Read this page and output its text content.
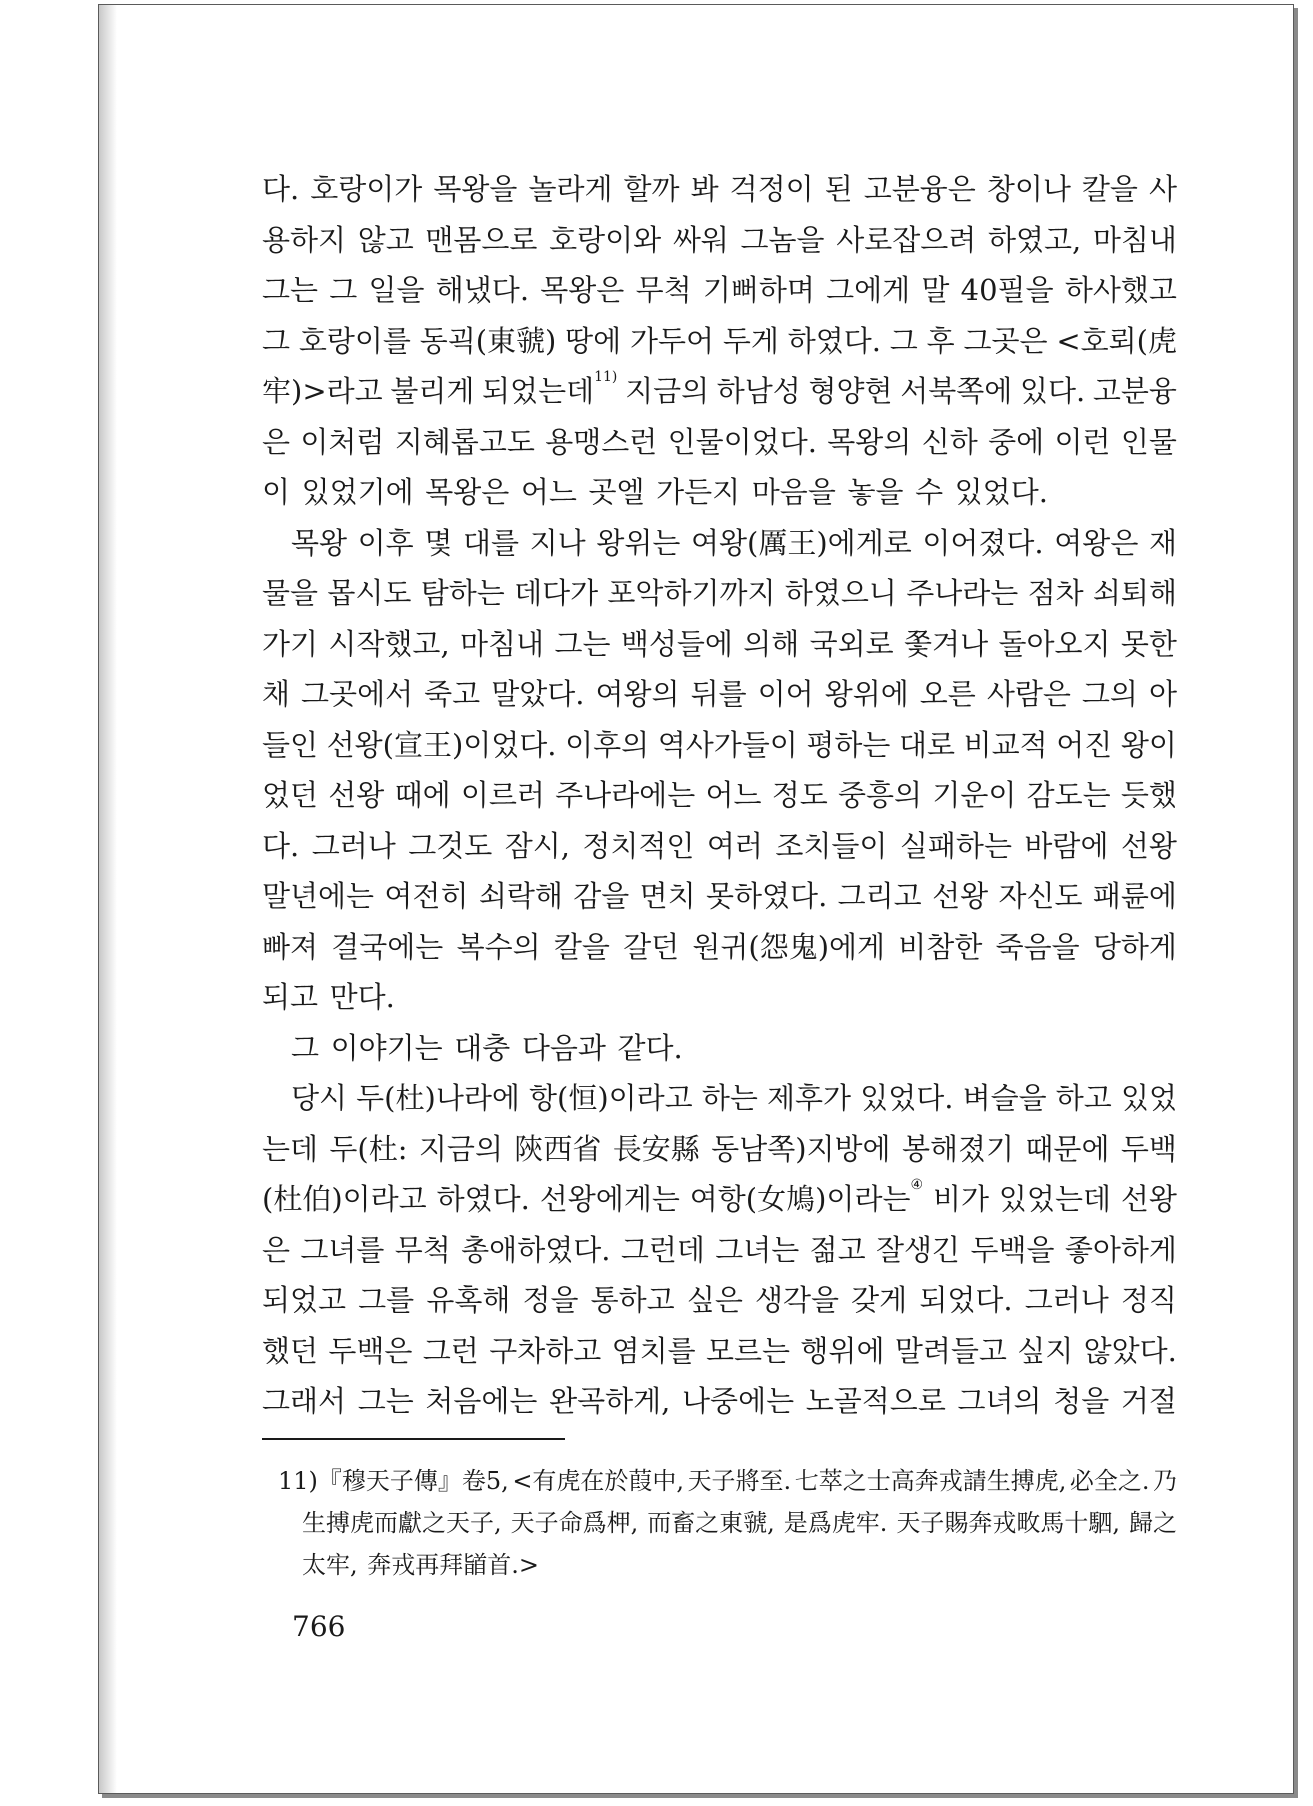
다. 호랑이가 목왕을 놀라게 할까 봐 걱정이 된 고분융은 창이나 칼을 사
용하지 않고 맨몸으로 호랑이와 싸워 그놈을 사로잡으려 하였고, 마침내
그는 그 일을 해냈다. 목왕은 무척 기뻐하며 그에게 말 40필을 하사했고
그 호랑이를 동괵(東虢) 땅에 가두어 두게 하였다. 그 후 그곳은 <호뢰(虎
牢)>라고 불리게 되었는데$^{11)}$ 지금의 하남성 형양현 서북쪽에 있다. 고분융
은 이처럼 지혜롭고도 용맹스런 인물이었다. 목왕의 신하 중에 이런 인물
이 있었기에 목왕은 어느 곳엘 가든지 마음을 놓을 수 있었다.
목왕 이후 몇 대를 지나 왕위는 여왕(厲王)에게로 이어졌다. 여왕은 재
물을 몹시도 탐하는 데다가 포악하기까지 하였으니 주나라는 점차 쇠퇴해
가기 시작했고, 마침내 그는 백성들에 의해 국외로 쫓겨나 돌아오지 못한
채 그곳에서 죽고 말았다. 여왕의 뒤를 이어 왕위에 오른 사람은 그의 아
들인 선왕(宣王)이었다. 이후의 역사가들이 평하는 대로 비교적 어진 왕이
었던 선왕 때에 이르러 주나라에는 어느 정도 중흥의 기운이 감도는 듯했
다. 그러나 그것도 잠시, 정치적인 여러 조치들이 실패하는 바람에 선왕
말년에는 여전히 쇠락해 감을 면치 못하였다. 그리고 선왕 자신도 패륜에
빠져 결국에는 복수의 칼을 갈던 원귀(怨鬼)에게 비참한 죽음을 당하게
되고 만다.
그 이야기는 대충 다음과 같다.
당시 두(杜)나라에 항(恒)이라고 하는 제후가 있었다. 벼슬을 하고 있었
는데 두(杜: 지금의 陝西省 長安縣 동남쪽)지방에 봉해졌기 때문에 두백
(杜伯)이라고 하였다. 선왕에게는 여항(女鳩)이라는④ 비가 있었는데 선왕
은 그녀를 무척 총애하였다. 그런데 그녀는 젊고 잘생긴 두백을 좋아하게
되었고 그를 유혹해 정을 통하고 싶은 생각을 갖게 되었다. 그러나 정직
했던 두백은 그런 구차하고 염치를 모르는 행위에 말려들고 싶지 않았다.
그래서 그는 처음에는 완곡하게, 나중에는 노골적으로 그녀의 청을 거절
11)『穆天子傳』卷5, <有虎在於葭中, 天子將至. 七萃之士高奔戎請生搏虎, 必全之. 乃
生搏虎而獻之天子, 天子命爲柙, 而畜之東虢, 是爲虎牢. 天子賜奔戎畋馬十駟, 歸之
太牢, 奔戎再拜䭫首.>
766
